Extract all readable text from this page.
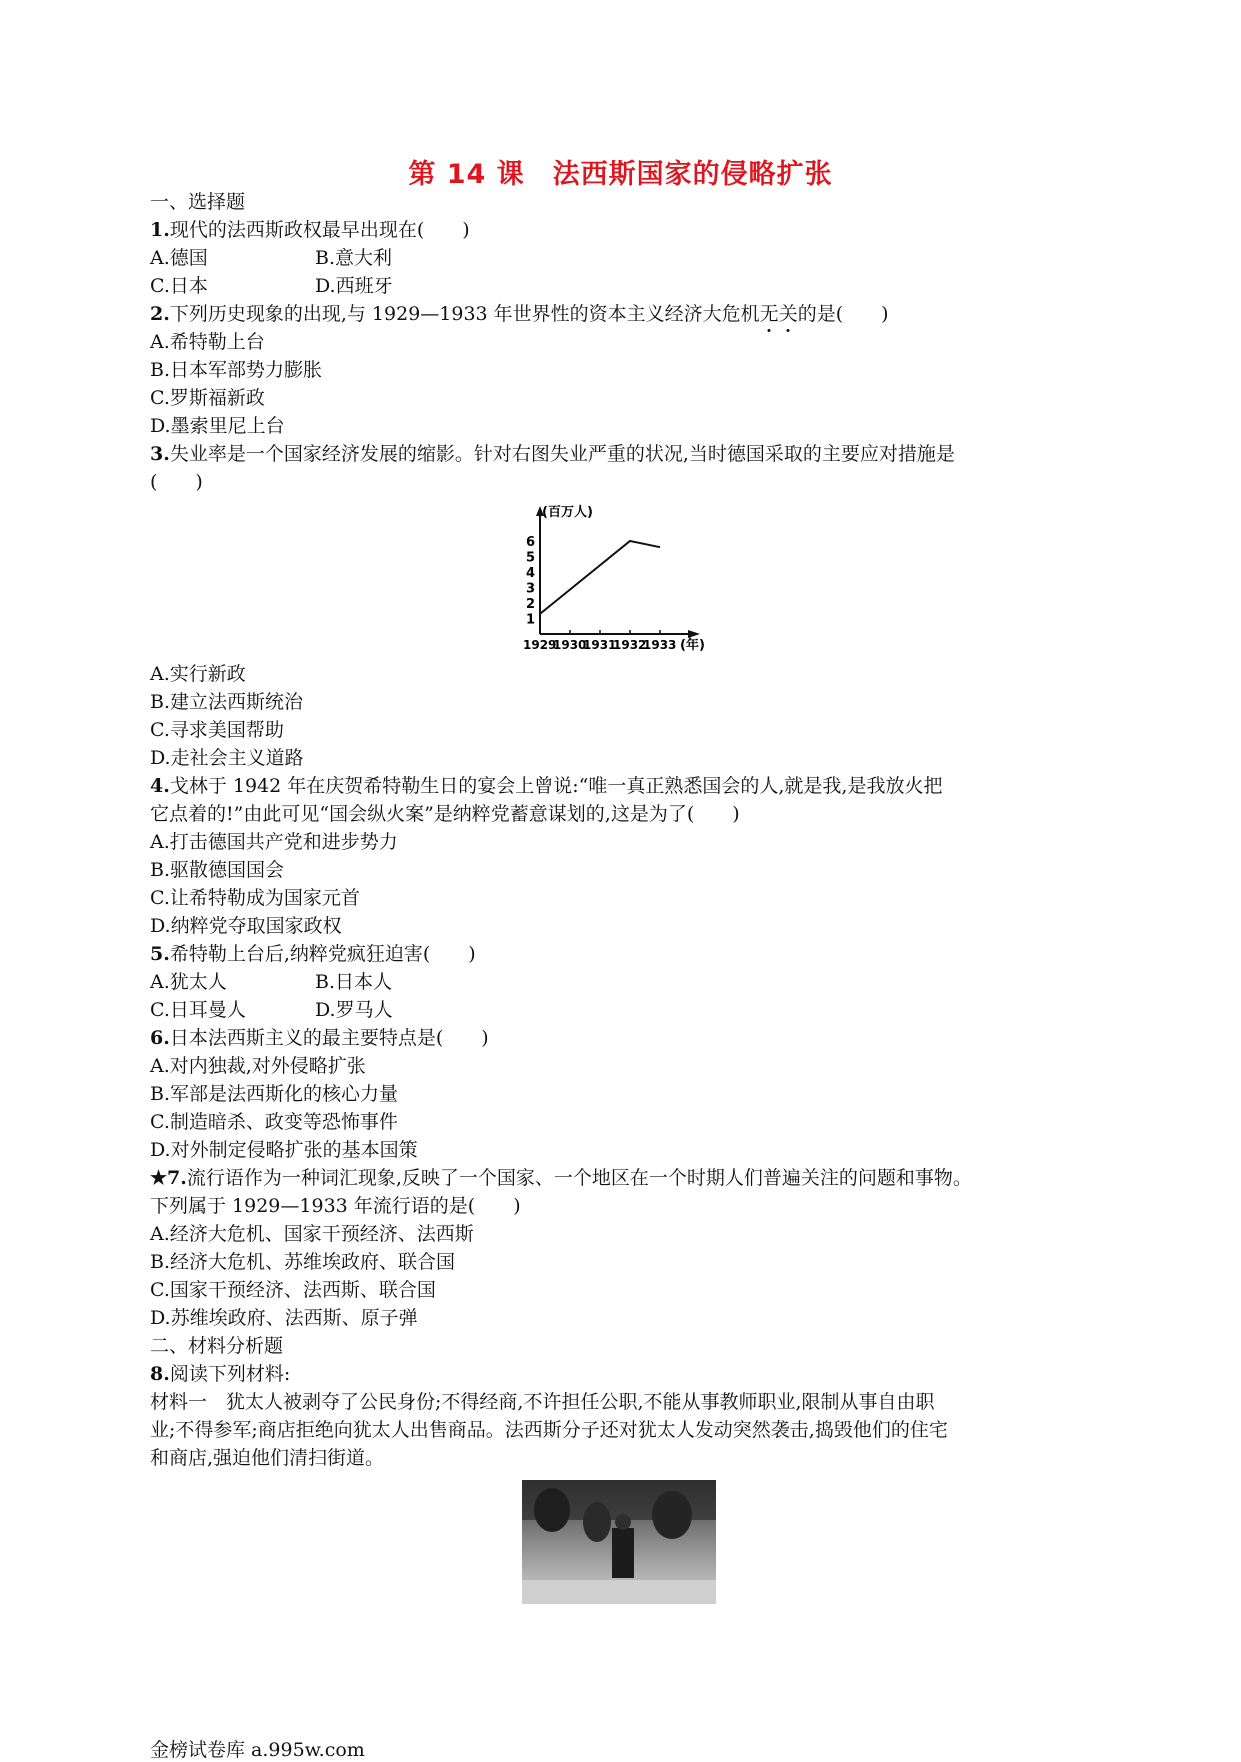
第 14 课　法西斯国家的侵略扩张
一、选择题
1.现代的法西斯政权最早出现在(　　)
A.德国	B.意大利
C.日本	D.西班牙
2.下列历史现象的出现,与 1929—1933 年世界性的资本主义经济大危机无关的是(　　)
A.希特勒上台
B.日本军部势力膨胀
C.罗斯福新政
D.墨索里尼上台
3.失业率是一个国家经济发展的缩影。针对右图失业严重的状况,当时德国采取的主要应对措施是
(　　)
(百万人)
1
2
3
4
5
6
1929
1930
1931
1932
1933 (年)
A.实行新政
B.建立法西斯统治
C.寻求美国帮助
D.走社会主义道路
4.戈林于 1942 年在庆贺希特勒生日的宴会上曾说:“唯一真正熟悉国会的人,就是我,是我放火把
它点着的!”由此可见“国会纵火案”是纳粹党蓄意谋划的,这是为了(　　)
A.打击德国共产党和进步势力
B.驱散德国国会
C.让希特勒成为国家元首
D.纳粹党夺取国家政权
5.希特勒上台后,纳粹党疯狂迫害(　　)
A.犹太人	B.日本人
C.日耳曼人	D.罗马人
6.日本法西斯主义的最主要特点是(　　)
A.对内独裁,对外侵略扩张
B.军部是法西斯化的核心力量
C.制造暗杀、政变等恐怖事件
D.对外制定侵略扩张的基本国策
★7.流行语作为一种词汇现象,反映了一个国家、一个地区在一个时期人们普遍关注的问题和事物。
下列属于 1929—1933 年流行语的是(　　)
A.经济大危机、国家干预经济、法西斯
B.经济大危机、苏维埃政府、联合国
C.国家干预经济、法西斯、联合国
D.苏维埃政府、法西斯、原子弹
二、材料分析题
8.阅读下列材料:
材料一　犹太人被剥夺了公民身份;不得经商,不许担任公职,不能从事教师职业,限制从事自由职
业;不得参军;商店拒绝向犹太人出售商品。法西斯分子还对犹太人发动突然袭击,捣毁他们的住宅
和商店,强迫他们清扫街道。
金榜试卷库 a.995w.com
